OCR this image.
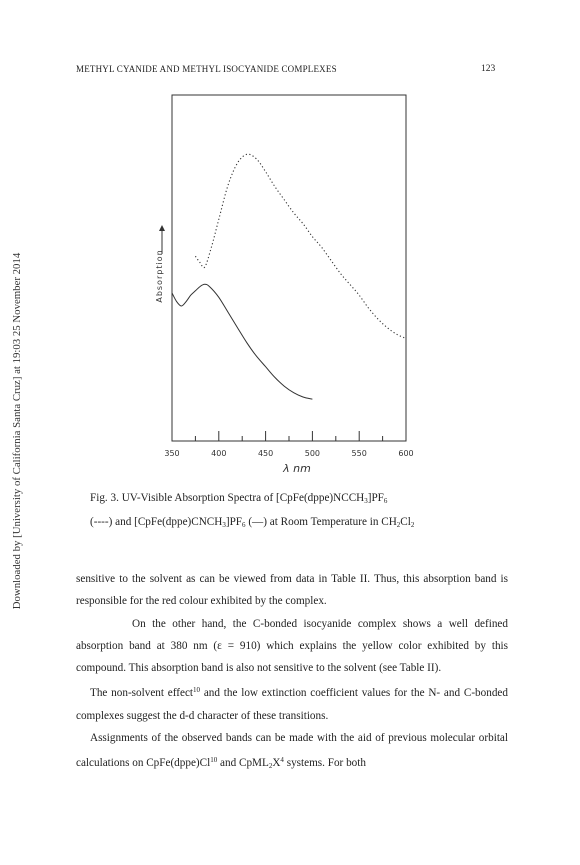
Downloaded by [University of California Santa Cruz] at 19:03 25 November 2014
METHYL CYANIDE AND METHYL ISOCYANIDE COMPLEXES	123
350	400	450	500	550	600
Absorption
λ nm
Fig. 3. UV-Visible Absorption Spectra of $[CpFe(dppe)NCCH_3]PF_6$
(----) and $[CpFe(dppe)CNCH_3]PF_6$ (—) at Room Temperature in $CH_2Cl_2$

sensitive to the solvent as can be viewed from data in Table II. Thus, this absorption band is responsible for the red colour exhibited by the complex.

On the other hand, the C-bonded isocyanide complex shows a well defined absorption band at 380 nm (ε = 910) which explains the yellow color exhibited by this compound. This absorption band is also not sensitive to the solvent (see Table II).

The non-solvent effect$^{10}$ and the low extinction coefficient values for the N- and C-bonded complexes suggest the d-d character of these transitions.

Assignments of the observed bands can be made with the aid of previous molecular orbital calculations on CpFe(dppe)Cl$^{10}$ and $CpML_2X^4$ systems. For both
